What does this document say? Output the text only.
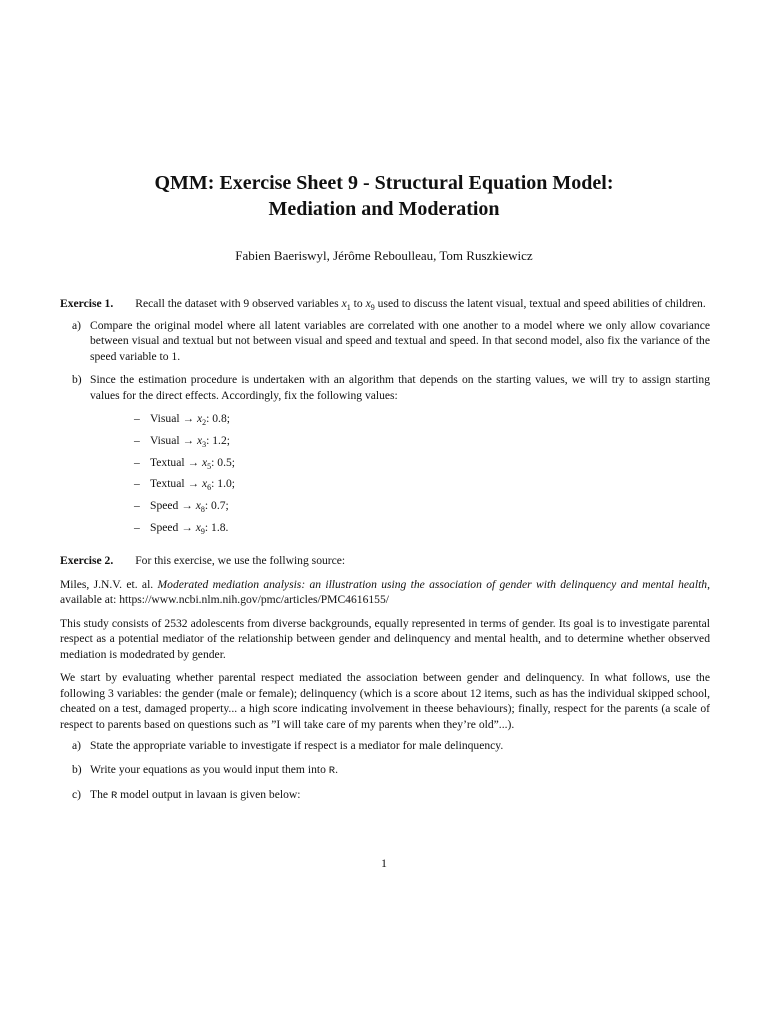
QMM: Exercise Sheet 9 - Structural Equation Model:
Mediation and Moderation
Fabien Baeriswyl, Jérôme Reboulleau, Tom Ruszkiewicz

Exercise 1. Recall the dataset with 9 observed variables $x_1$ to $x_9$ used to discuss the latent visual, textual and speed abilities of children.

a) Compare the original model where all latent variables are correlated with one another to a model where we only allow covariance between visual and textual but not between visual and speed and textual and speed. In that second model, also fix the variance of the speed variable to 1.
b) Since the estimation procedure is undertaken with an algorithm that depends on the starting values, we will try to assign starting values for the direct effects. Accordingly, fix the following values:
– Visual → $x_2$: 0.8;
– Visual → $x_3$: 1.2;
– Textual → $x_5$: 0.5;
– Textual → $x_6$: 1.0;
– Speed → $x_8$: 0.7;
– Speed → $x_9$: 1.8.

Exercise 2. For this exercise, we use the follwing source:

Miles, J.N.V. et. al. Moderated mediation analysis: an illustration using the association of gender with delinquency and mental health, available at: https://www.ncbi.nlm.nih.gov/pmc/articles/PMC4616155/

This study consists of 2532 adolescents from diverse backgrounds, equally represented in terms of gender. Its goal is to investigate parental respect as a potential mediator of the relationship between gender and delinquency and mental health, and to determine whether observed mediation is modedrated by gender.

We start by evaluating whether parental respect mediated the association between gender and delinquency. In what follows, use the following 3 variables: the gender (male or female); delinquency (which is a score about 12 items, such as has the individual skipped school, cheated on a test, damaged property... a high score indicating involvement in theese behaviours); finally, respect for the parents (a scale of respect to parents based on questions such as ”I will take care of my parents when they’re old”...).

a) State the appropriate variable to investigate if respect is a mediator for male delinquency.
b) Write your equations as you would input them into R.
c) The R model output in lavaan is given below:
1
